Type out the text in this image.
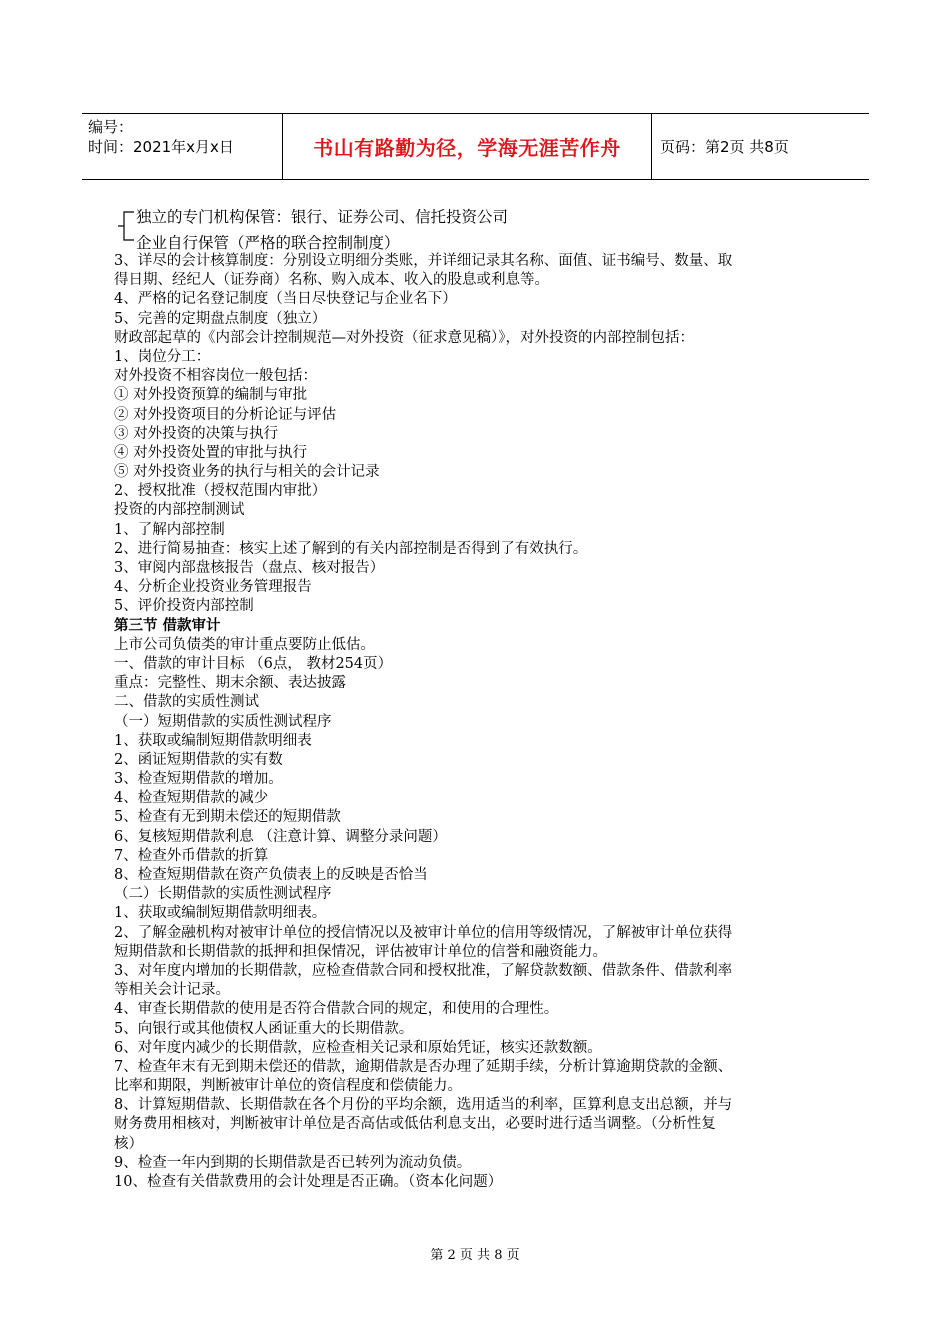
编号：
时间：2021年x月x日	书山有路勤为径，学海无涯苦作舟	页码：第2页 共8页
独立的专门机构保管：银行、证券公司、信托投资公司
企业自行保管（严格的联合控制制度）
3、详尽的会计核算制度：分别设立明细分类账，并详细记录其名称、面值、证书编号、数量、取
得日期、经纪人（证券商）名称、购入成本、收入的股息或利息等。
4、严格的记名登记制度（当日尽快登记与企业名下）
5、完善的定期盘点制度（独立）
财政部起草的《内部会计控制规范—对外投资（征求意见稿）》，对外投资的内部控制包括：
1、岗位分工：
对外投资不相容岗位一般包括：
① 对外投资预算的编制与审批
② 对外投资项目的分析论证与评估
③ 对外投资的决策与执行
④ 对外投资处置的审批与执行
⑤ 对外投资业务的执行与相关的会计记录
2、授权批准（授权范围内审批）
投资的内部控制测试
1、了解内部控制
2、进行简易抽查：核实上述了解到的有关内部控制是否得到了有效执行。
3、审阅内部盘核报告（盘点、核对报告）
4、分析企业投资业务管理报告
5、评价投资内部控制
第三节 借款审计
上市公司负债类的审计重点要防止低估。
一、借款的审计目标 （6点， 教材254页）
重点：完整性、期末余额、表达披露
二、借款的实质性测试
（一）短期借款的实质性测试程序
1、获取或编制短期借款明细表
2、函证短期借款的实有数
3、检查短期借款的增加。
4、检查短期借款的减少
5、检查有无到期未偿还的短期借款
6、复核短期借款利息 （注意计算、调整分录问题）
7、检查外币借款的折算
8、检查短期借款在资产负债表上的反映是否恰当
（二）长期借款的实质性测试程序
1、获取或编制短期借款明细表。
2、了解金融机构对被审计单位的授信情况以及被审计单位的信用等级情况，了解被审计单位获得
短期借款和长期借款的抵押和担保情况，评估被审计单位的信誉和融资能力。
3、对年度内增加的长期借款，应检查借款合同和授权批准，了解贷款数额、借款条件、借款利率
等相关会计记录。
4、审查长期借款的使用是否符合借款合同的规定，和使用的合理性。
5、向银行或其他债权人函证重大的长期借款。
6、对年度内减少的长期借款，应检查相关记录和原始凭证，核实还款数额。
7、检查年末有无到期未偿还的借款，逾期借款是否办理了延期手续，分析计算逾期贷款的金额、
比率和期限，判断被审计单位的资信程度和偿债能力。
8、计算短期借款、长期借款在各个月份的平均余额，选用适当的利率，匡算利息支出总额，并与
财务费用相核对，判断被审计单位是否高估或低估利息支出，必要时进行适当调整。（分析性复
核）
9、检查一年内到期的长期借款是否已转列为流动负债。
10、检查有关借款费用的会计处理是否正确。（资本化问题）
第 2 页 共 8 页
